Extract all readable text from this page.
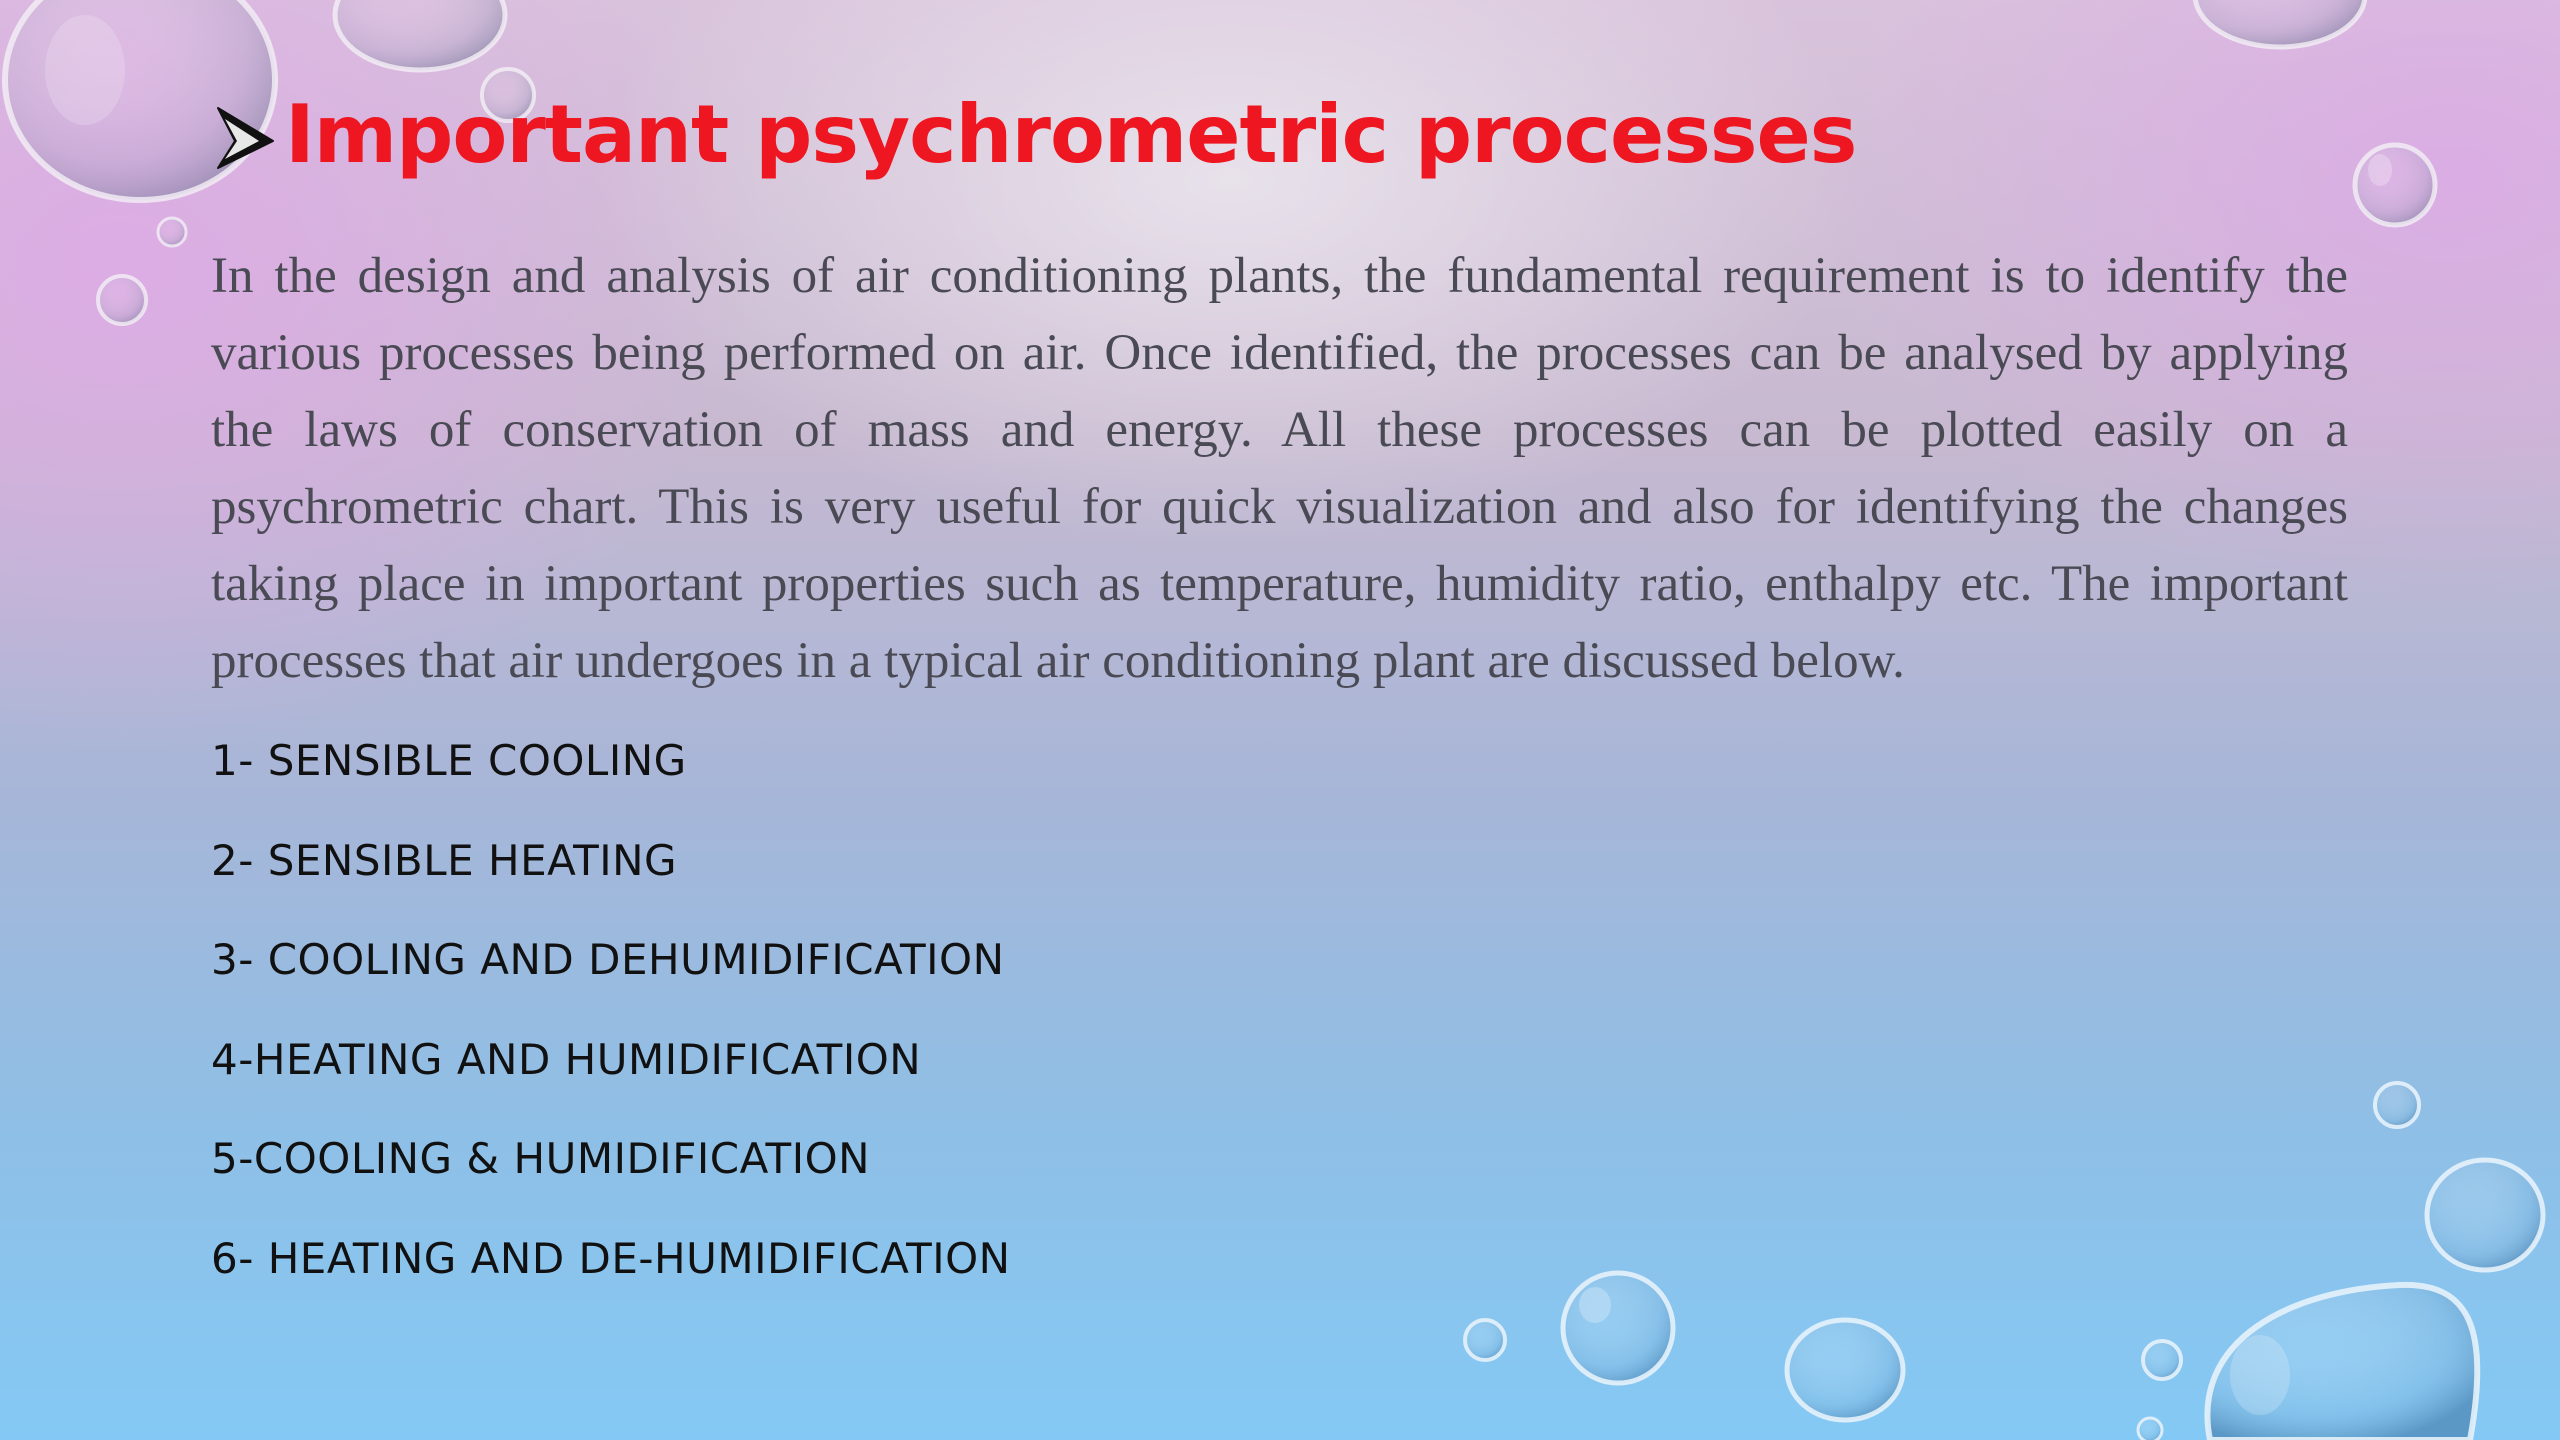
Important psychrometric processes

In the design and analysis of air conditioning plants, the fundamental requirement is to identify the various processes being performed on air. Once identified, the processes can be analysed by applying the laws of conservation of mass and energy. All these processes can be plotted easily on a psychrometric chart. This is very useful for quick visualization and also for identifying the changes taking place in important properties such as temperature, humidity ratio, enthalpy etc. The important processes that air undergoes in a typical air conditioning plant are discussed below.

1- SENSIBLE COOLING
2- SENSIBLE HEATING
3- COOLING AND DEHUMIDIFICATION
4-HEATING AND HUMIDIFICATION
5-COOLING & HUMIDIFICATION
6- HEATING AND DE-HUMIDIFICATION
